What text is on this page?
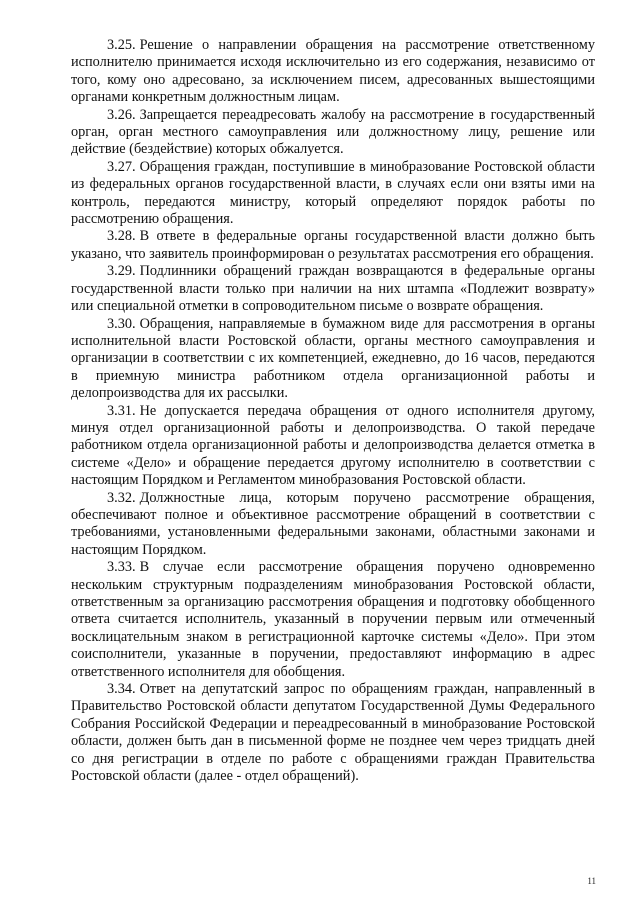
3.25. Решение о направлении обращения на рассмотрение ответственному исполнителю принимается исходя исключительно из его содержания, независимо от того, кому оно адресовано, за исключением писем, адресованных вышестоящими органами конкретным должностным лицам.

3.26. Запрещается переадресовать жалобу на рассмотрение в государственный орган, орган местного самоуправления или должностному лицу, решение или действие (бездействие) которых обжалуется.

3.27. Обращения граждан, поступившие в минобразование Ростовской области из федеральных органов государственной власти, в случаях если они взяты ими на контроль, передаются министру, который определяют порядок работы по рассмотрению обращения.

3.28. В ответе в федеральные органы государственной власти должно быть указано, что заявитель проинформирован о результатах рассмотрения его обращения.

3.29. Подлинники обращений граждан возвращаются в федеральные органы государственной власти только при наличии на них штампа «Подлежит возврату» или специальной отметки в сопроводительном письме о возврате обращения.

3.30. Обращения, направляемые в бумажном виде для рассмотрения в органы исполнительной власти Ростовской области, органы местного самоуправления и организации в соответствии с их компетенцией, ежедневно, до 16 часов, передаются в приемную министра работником отдела организационной работы и делопроизводства для их рассылки.

3.31. Не допускается передача обращения от одного исполнителя другому, минуя отдел организационной работы и делопроизводства. О такой передаче работником отдела организационной работы и делопроизводства делается отметка в системе «Дело» и обращение передается другому исполнителю в соответствии с настоящим Порядком и Регламентом минобразования Ростовской области.

3.32. Должностные лица, которым поручено рассмотрение обращения, обеспечивают полное и объективное рассмотрение обращений в соответствии с требованиями, установленными федеральными законами, областными законами и настоящим Порядком.

3.33. В случае если рассмотрение обращения поручено одновременно нескольким структурным подразделениям минобразования Ростовской области, ответственным за организацию рассмотрения обращения и подготовку обобщенного ответа считается исполнитель, указанный в поручении первым или отмеченный восклицательным знаком в регистрационной карточке системы «Дело». При этом соисполнители, указанные в поручении, предоставляют информацию в адрес ответственного исполнителя для обобщения.

3.34. Ответ на депутатский запрос по обращениям граждан, направленный в Правительство Ростовской области депутатом Государственной Думы Федерального Собрания Российской Федерации и переадресованный в минобразование Ростовской области, должен быть дан в письменной форме не позднее чем через тридцать дней со дня регистрации в отделе по работе с обращениями граждан Правительства Ростовской области (далее - отдел обращений).

11
